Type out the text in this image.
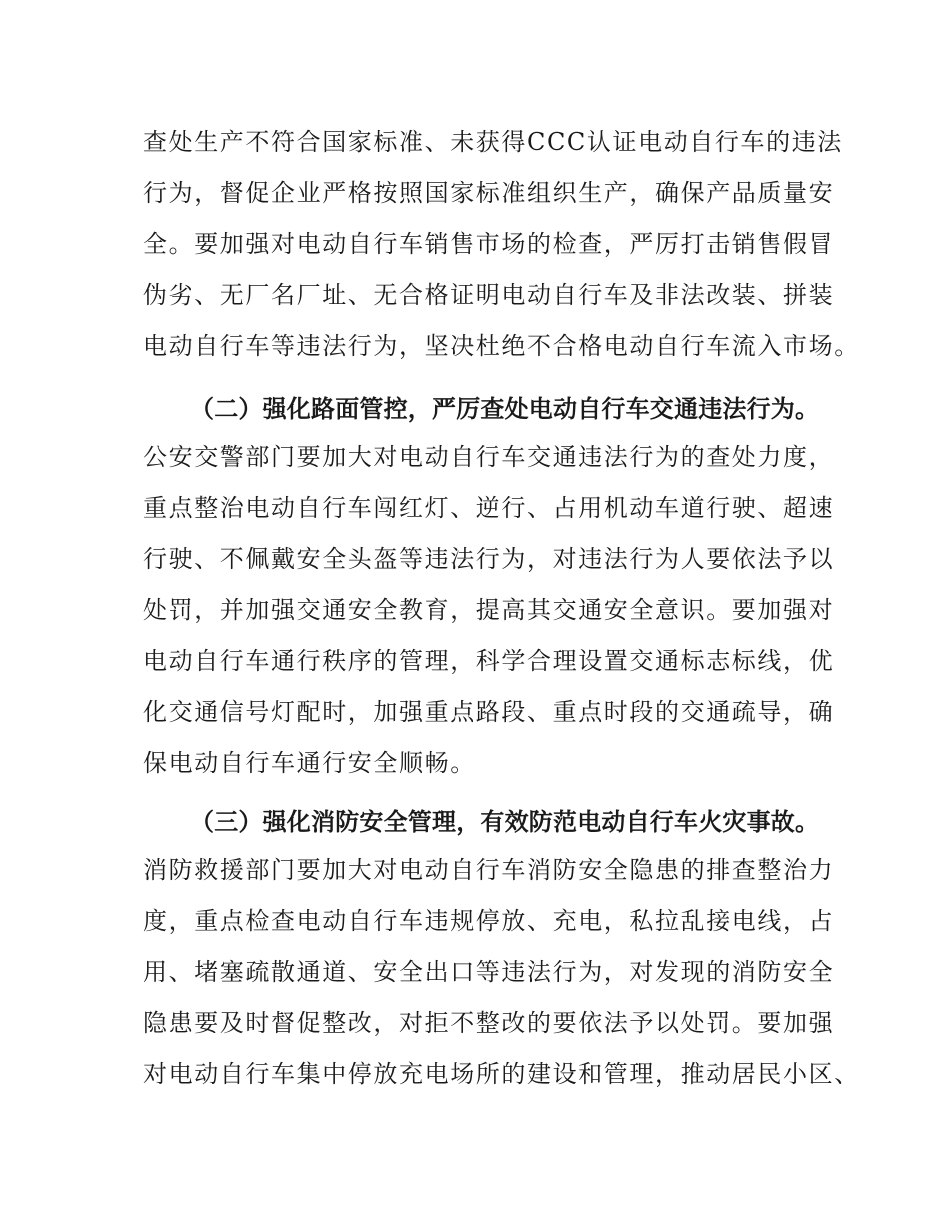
查处生产不符合国家标准、未获得CCC认证电动自行车的违法
行为，督促企业严格按照国家标准组织生产，确保产品质量安
全。要加强对电动自行车销售市场的检查，严厉打击销售假冒
伪劣、无厂名厂址、无合格证明电动自行车及非法改装、拼装
电动自行车等违法行为，坚决杜绝不合格电动自行车流入市场。
（二）强化路面管控，严厉查处电动自行车交通违法行为。
公安交警部门要加大对电动自行车交通违法行为的查处力度，
重点整治电动自行车闯红灯、逆行、占用机动车道行驶、超速
行驶、不佩戴安全头盔等违法行为，对违法行为人要依法予以
处罚，并加强交通安全教育，提高其交通安全意识。要加强对
电动自行车通行秩序的管理，科学合理设置交通标志标线，优
化交通信号灯配时，加强重点路段、重点时段的交通疏导，确
保电动自行车通行安全顺畅。
（三）强化消防安全管理，有效防范电动自行车火灾事故。
消防救援部门要加大对电动自行车消防安全隐患的排查整治力
度，重点检查电动自行车违规停放、充电，私拉乱接电线，占
用、堵塞疏散通道、安全出口等违法行为，对发现的消防安全
隐患要及时督促整改，对拒不整改的要依法予以处罚。要加强
对电动自行车集中停放充电场所的建设和管理，推动居民小区、
